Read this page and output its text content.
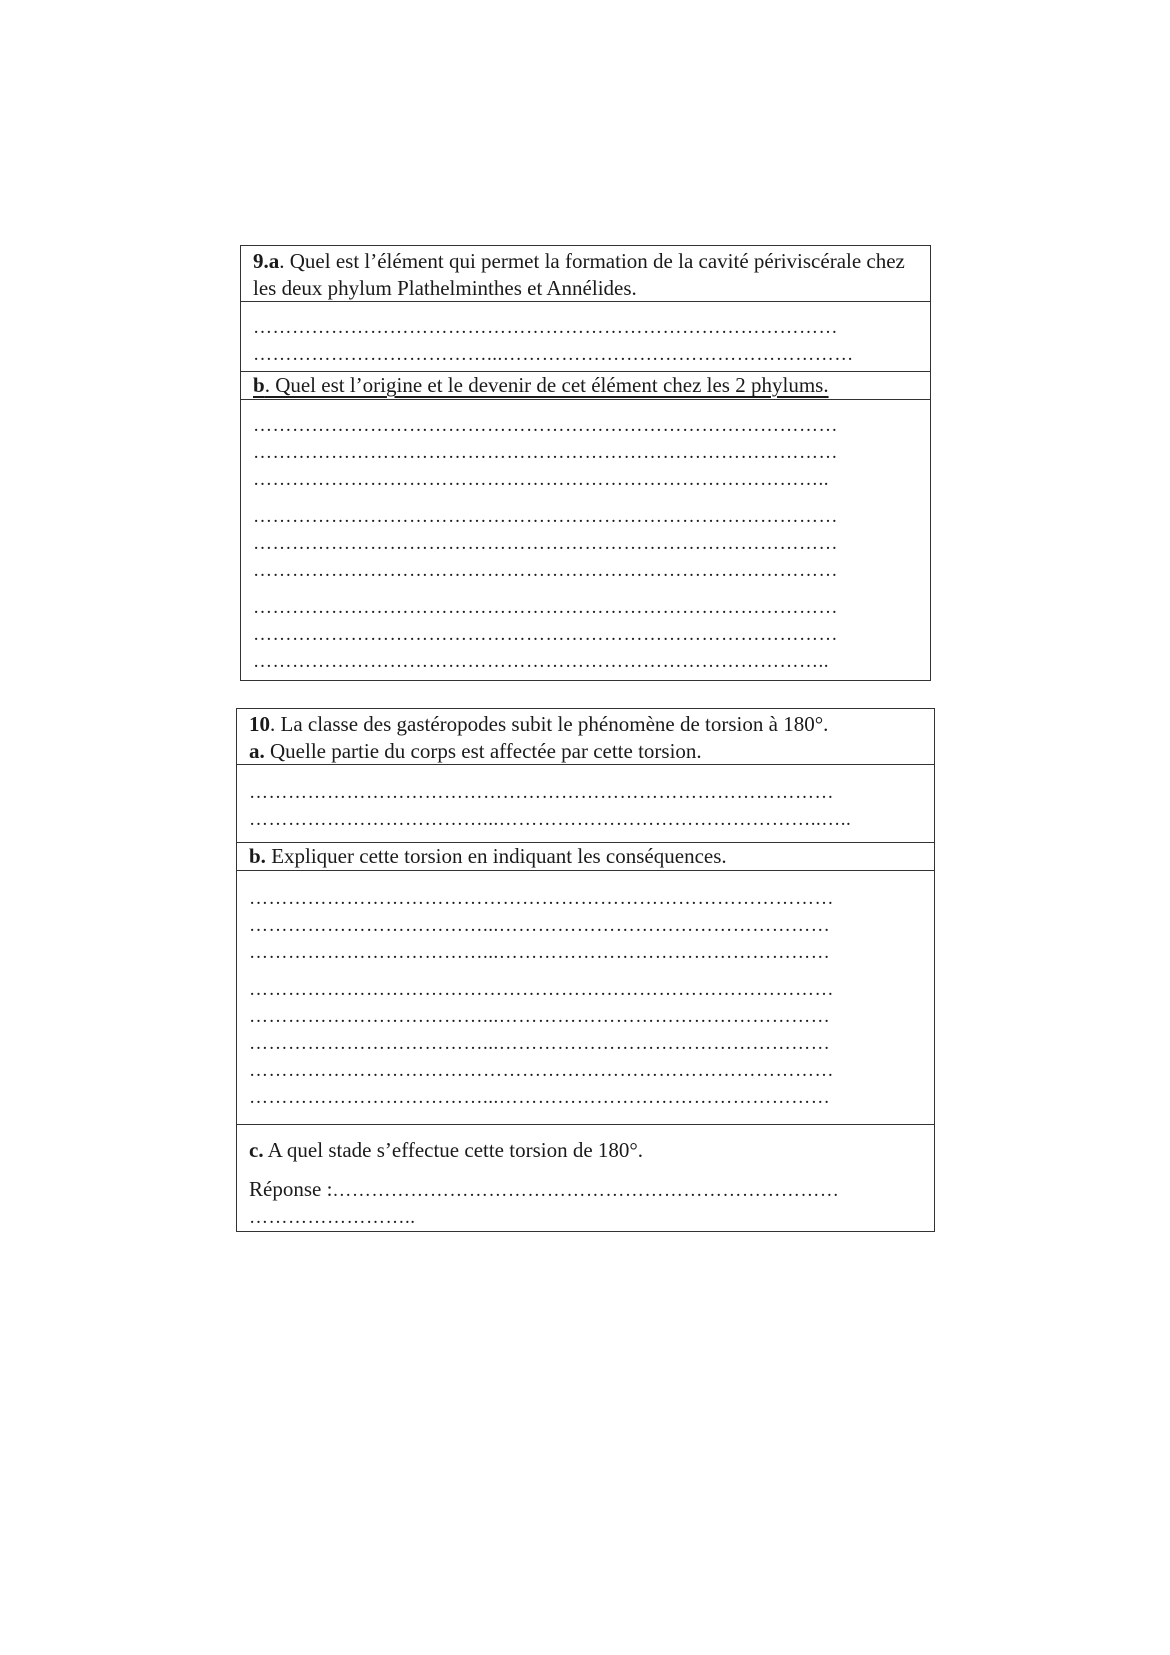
9.a. Quel est l’élément qui permet la formation de la cavité périviscérale chez les deux phylum Plathelminthes et Annélides.
………………………………………………………………………………
………………………………...………………………………………………
b. Quel est l’origine et le devenir de cet élément chez les 2 phylums.
………………………………………………………………………………
………………………………………………………………………………
……………………………………………………………………………..
………………………………………………………………………………
………………………………………………………………………………
………………………………………………………………………………
………………………………………………………………………………
………………………………………………………………………………
……………………………………………………………………………..
10. La classe des gastéropodes subit le phénomène de torsion à 180°.
a. Quelle partie du corps est affectée par cette torsion.
………………………………………………………………………………
………………………………...…………………………………………..…..
b. Expliquer cette torsion en indiquant les conséquences.
………………………………………………………………………………
………………………………...……………………………………………
………………………………...……………………………………………
………………………………………………………………………………
………………………………...……………………………………………
………………………………...……………………………………………
………………………………………………………………………………
………………………………...……………………………………………
c. A quel stade s’effectue cette torsion de 180°.
Réponse :……………………………………………………………………
……………………..
